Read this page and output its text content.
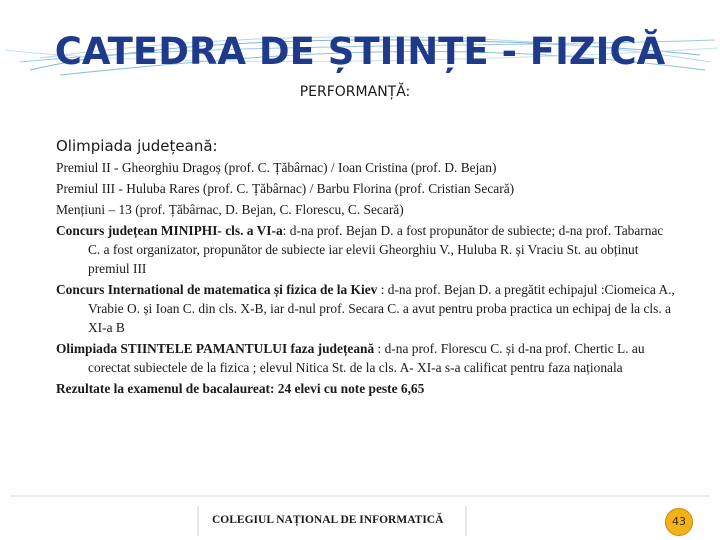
CATEDRA DE ȘTIINȚE - FIZICĂ
PERFORMANȚĂ:
Olimpiada județeană:
Premiul II - Gheorghiu Dragoș (prof. C. Țăbârnac) / Ioan Cristina (prof. D. Bejan)
Premiul III - Huluba Rares (prof. C. Țăbârnac) / Barbu Florina (prof. Cristian Secară)
Mențiuni – 13 (prof. Țăbârnac, D. Bejan, C. Florescu, C. Secară)
Concurs județean MINIPHI- cls. a VI-a: d-na prof. Bejan D. a fost propunător de subiecte; d-na prof. Tabarnac C. a fost organizator, propunător de subiecte iar elevii Gheorghiu V., Huluba R. și Vraciu St. au obținut premiul III
Concurs International de matematica și fizica de la Kiev : d-na prof. Bejan D. a pregătit echipajul :Ciomeica A., Vrabie O. și Ioan C. din cls. X-B, iar d-nul prof. Secara C. a avut pentru proba practica un echipaj de la cls. a XI-a B
Olimpiada STIINTELE PAMANTULUI faza județeană : d-na prof. Florescu C. și d-na prof. Chertic L. au corectat subiectele de la fizica ; elevul Nitica St. de la cls. A- XI-a s-a calificat pentru faza naționala
Rezultate la examenul de bacalaureat: 24 elevi cu note peste 6,65
COLEGIUL NAȚIONAL DE INFORMATICĂ	43
